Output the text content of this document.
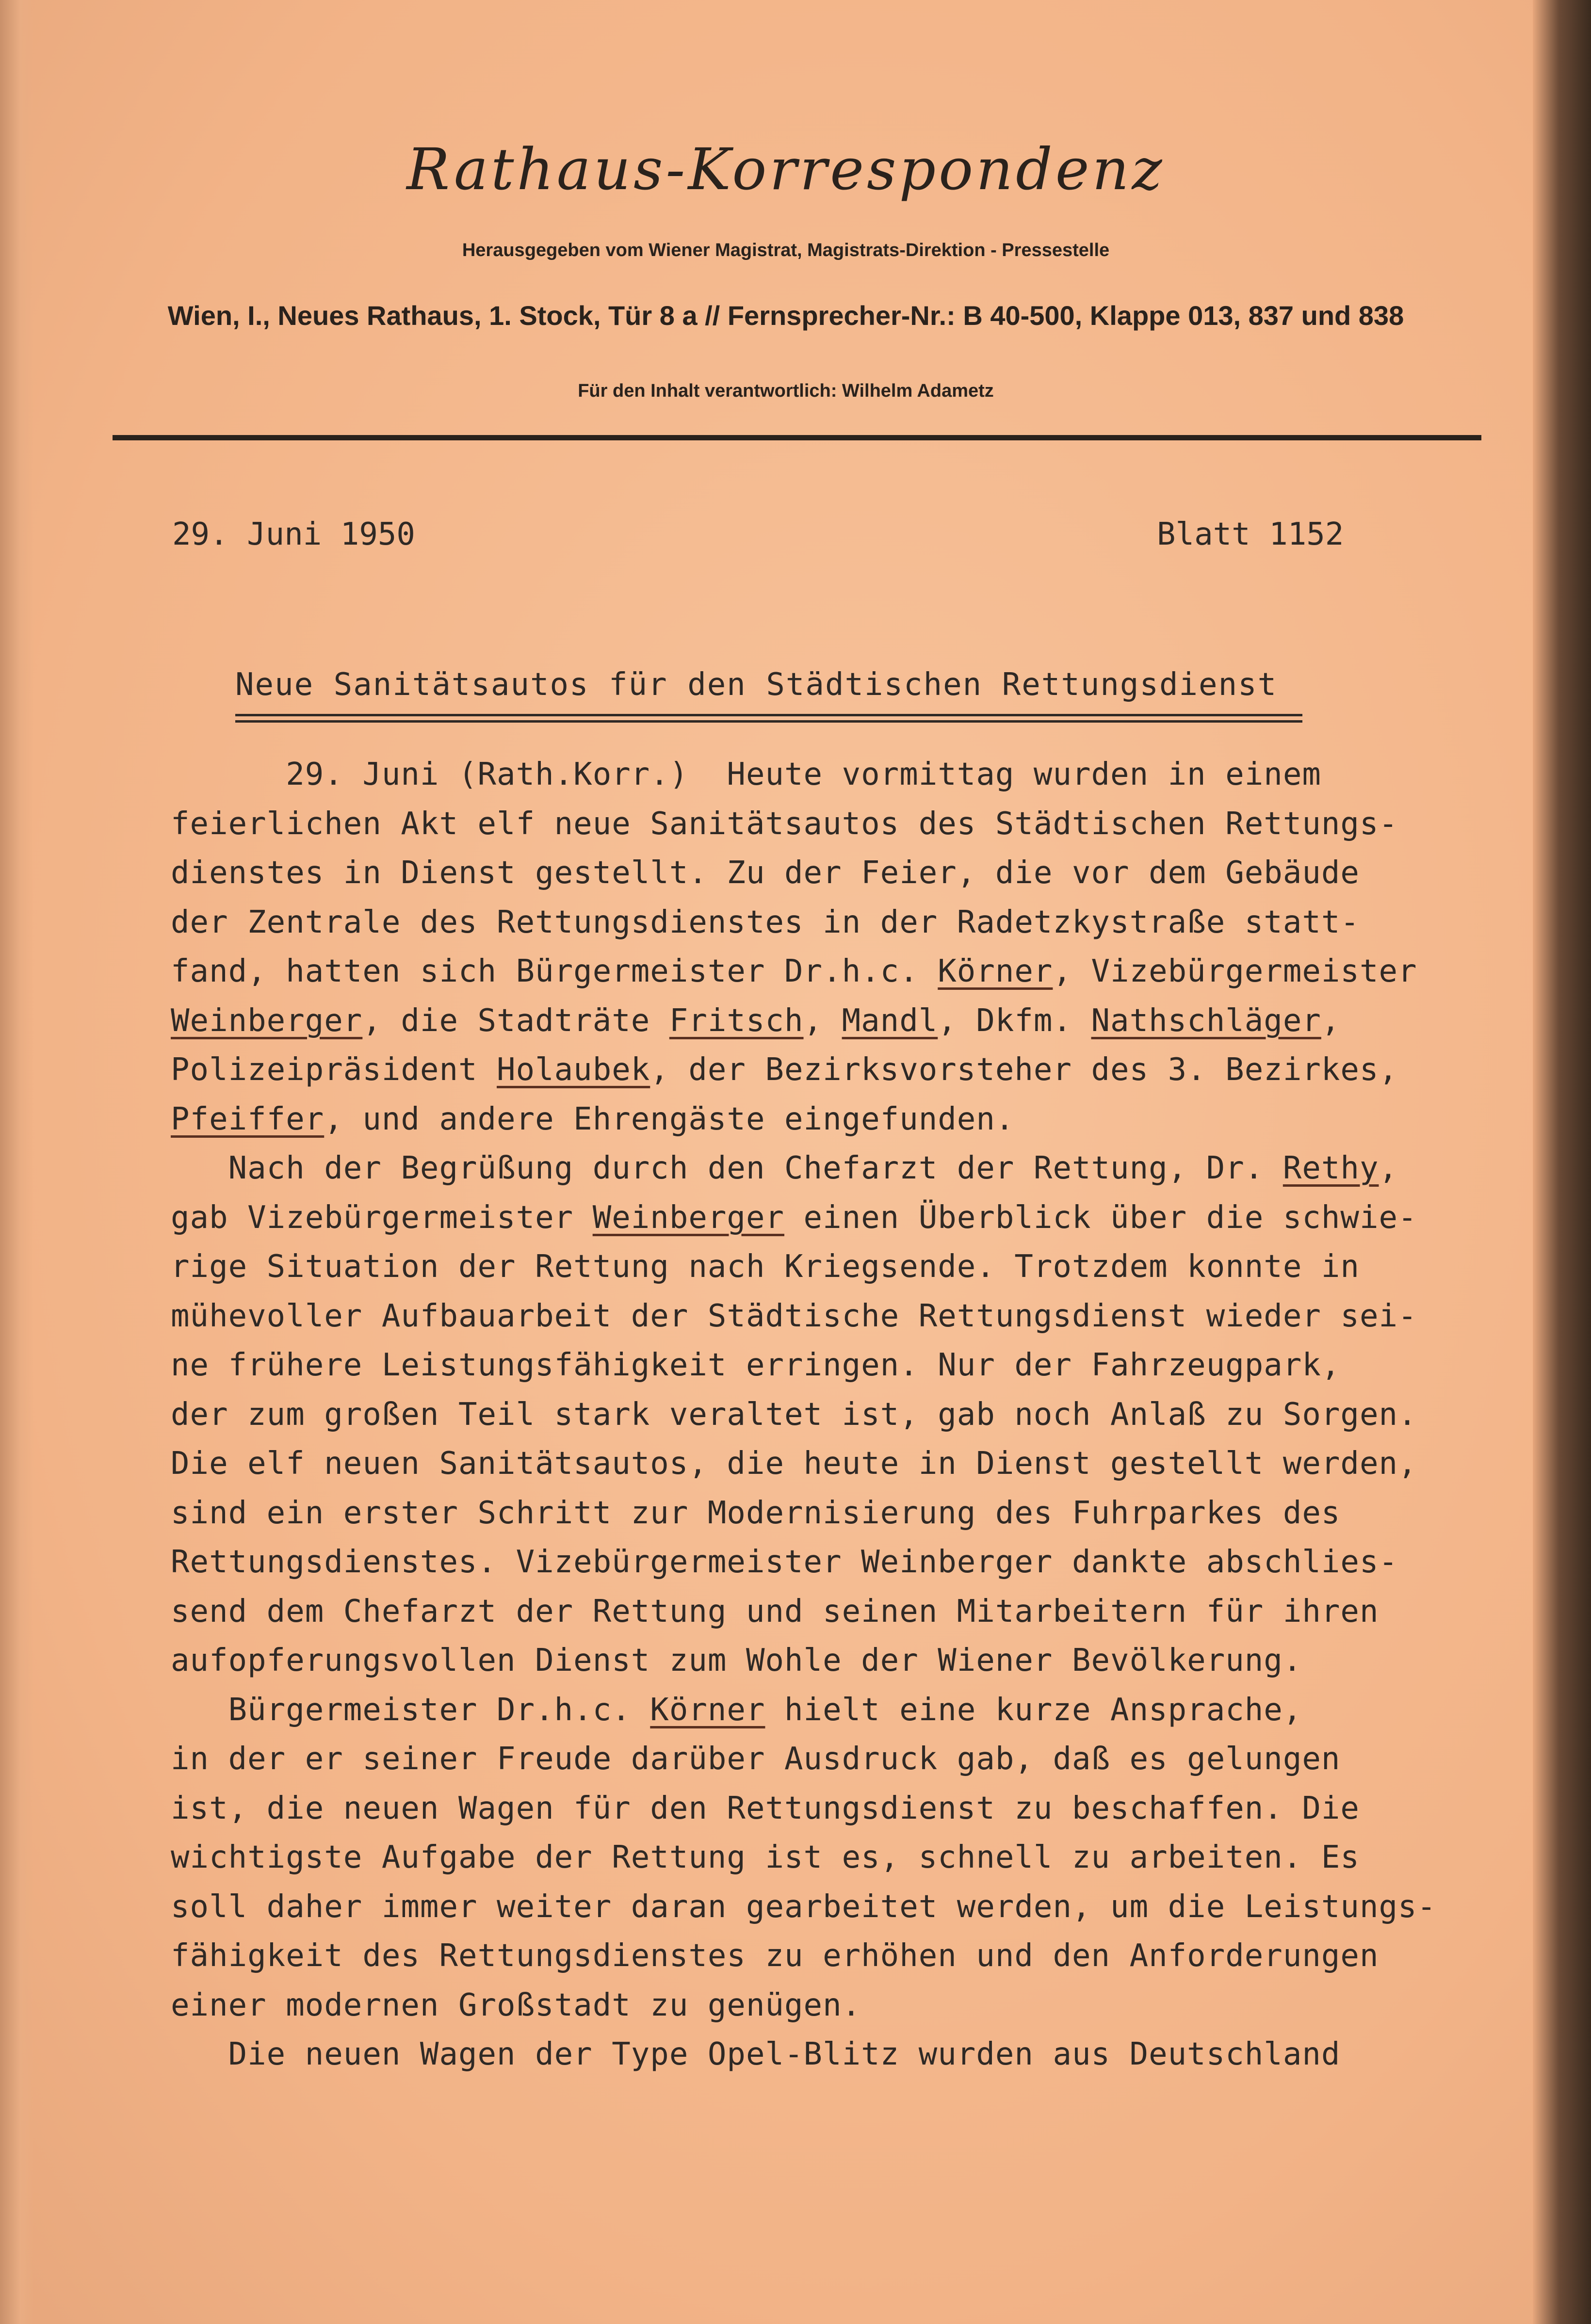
Rathaus-Korrespondenz
Herausgegeben vom Wiener Magistrat, Magistrats-Direktion - Pressestelle
Wien, I., Neues Rathaus, 1. Stock, Tür 8 a // Fernsprecher-Nr.: B 40-500, Klappe 013, 837 und 838
Für den Inhalt verantwortlich: Wilhelm Adametz
29. Juni 1950	Blatt 1152
Neue Sanitätsautos für den Städtischen Rettungsdienst
29. Juni (Rath.Korr.)  Heute vormittag wurden in einem
feierlichen Akt elf neue Sanitätsautos des Städtischen Rettungs-
dienstes in Dienst gestellt. Zu der Feier, die vor dem Gebäude
der Zentrale des Rettungsdienstes in der Radetzkystraße statt-
fand, hatten sich Bürgermeister Dr.h.c. Körner, Vizebürgermeister
Weinberger, die Stadträte Fritsch, Mandl, Dkfm. Nathschläger,
Polizeipräsident Holaubek, der Bezirksvorsteher des 3. Bezirkes,
Pfeiffer, und andere Ehrengäste eingefunden.
Nach der Begrüßung durch den Chefarzt der Rettung, Dr. Rethy,
gab Vizebürgermeister Weinberger einen Überblick über die schwie-
rige Situation der Rettung nach Kriegsende. Trotzdem konnte in
mühevoller Aufbauarbeit der Städtische Rettungsdienst wieder sei-
ne frühere Leistungsfähigkeit erringen. Nur der Fahrzeugpark,
der zum großen Teil stark veraltet ist, gab noch Anlaß zu Sorgen.
Die elf neuen Sanitätsautos, die heute in Dienst gestellt werden,
sind ein erster Schritt zur Modernisierung des Fuhrparkes des
Rettungsdienstes. Vizebürgermeister Weinberger dankte abschlies-
send dem Chefarzt der Rettung und seinen Mitarbeitern für ihren
aufopferungsvollen Dienst zum Wohle der Wiener Bevölkerung.
Bürgermeister Dr.h.c. Körner hielt eine kurze Ansprache,
in der er seiner Freude darüber Ausdruck gab, daß es gelungen
ist, die neuen Wagen für den Rettungsdienst zu beschaffen. Die
wichtigste Aufgabe der Rettung ist es, schnell zu arbeiten. Es
soll daher immer weiter daran gearbeitet werden, um die Leistungs-
fähigkeit des Rettungsdienstes zu erhöhen und den Anforderungen
einer modernen Großstadt zu genügen.
Die neuen Wagen der Type Opel-Blitz wurden aus Deutschland
